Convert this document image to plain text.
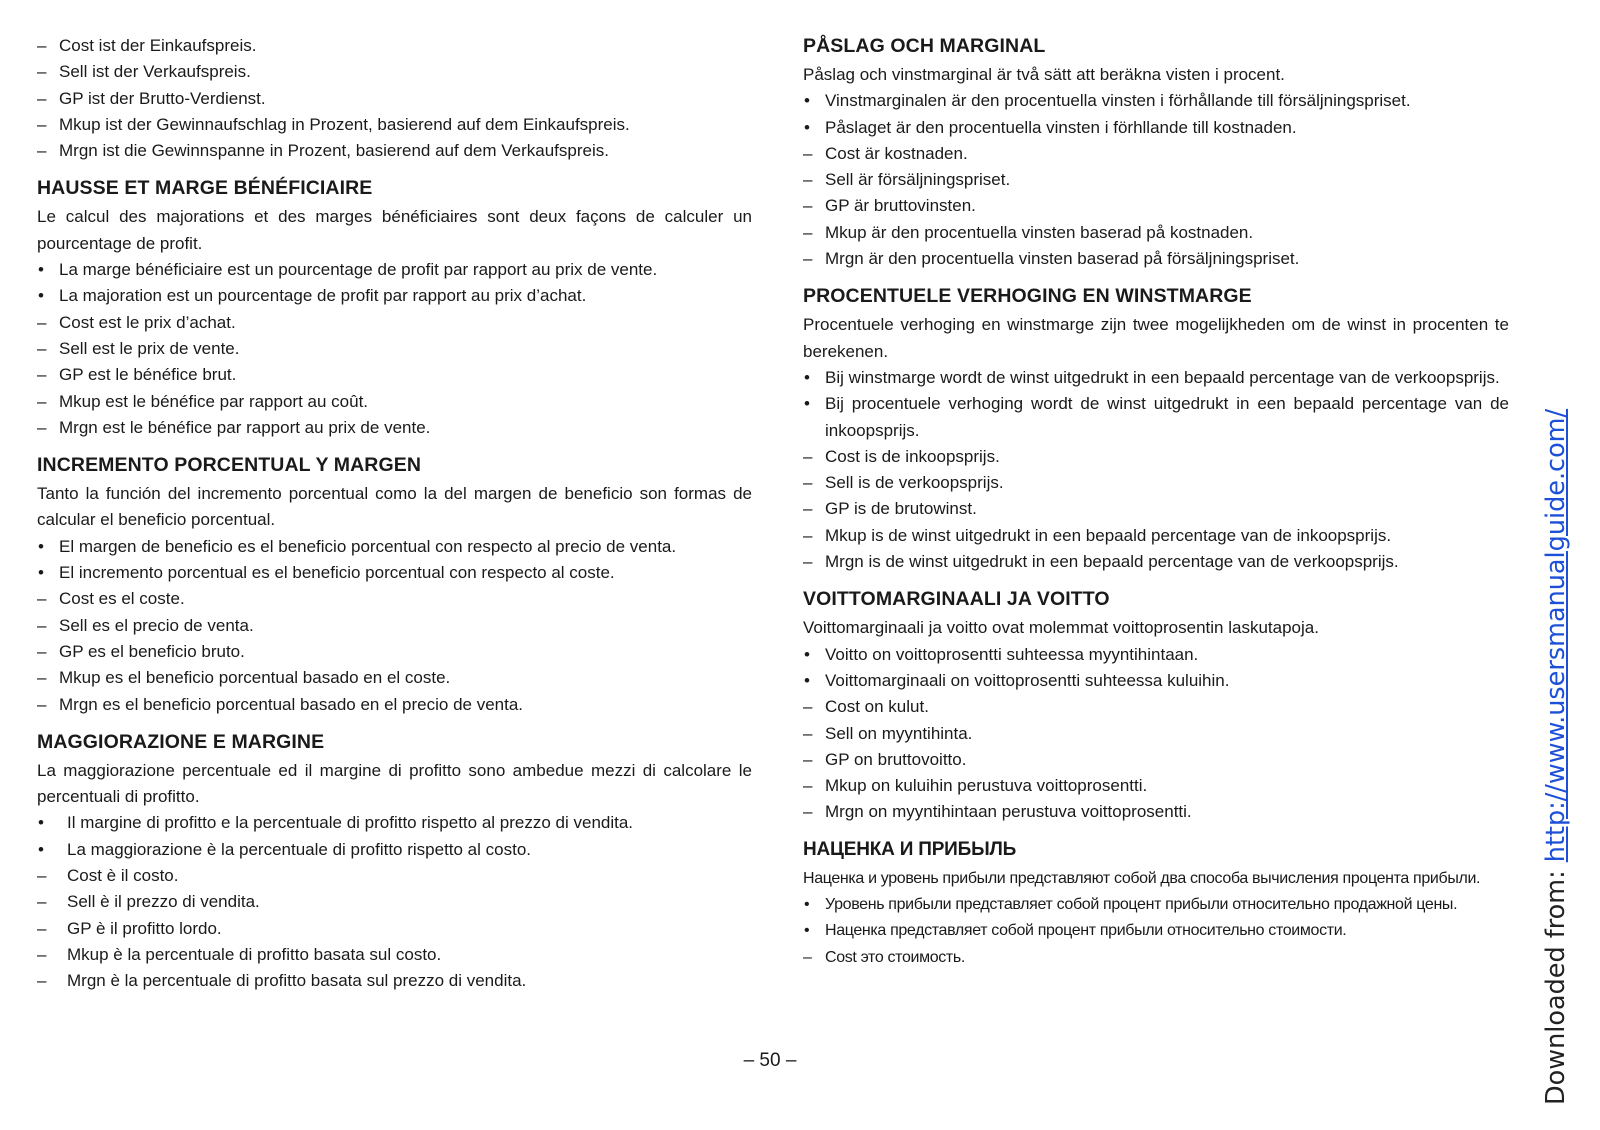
– Cost ist der Einkaufspreis.
– Sell ist der Verkaufspreis.
– GP ist der Brutto-Verdienst.
– Mkup ist der Gewinnaufschlag in Prozent, basierend auf dem Einkaufspreis.
– Mrgn ist die Gewinnspanne in Prozent, basierend auf dem Verkaufspreis.
HAUSSE ET MARGE BÉNÉFICIAIRE
Le calcul des majorations et des marges bénéficiaires sont deux façons de calculer un pourcentage de profit.
• La marge bénéficiaire est un pourcentage de profit par rapport au prix de vente.
• La majoration est un pourcentage de profit par rapport au prix d’achat.
– Cost est le prix d’achat.
– Sell est le prix de vente.
– GP est le bénéfice brut.
– Mkup est le bénéfice par rapport au coût.
– Mrgn est le bénéfice par rapport au prix de vente.
INCREMENTO PORCENTUAL Y MARGEN
Tanto la función del incremento porcentual como la del margen de beneficio son formas de calcular el beneficio porcentual.
• El margen de beneficio es el beneficio porcentual con respecto al precio de venta.
• El incremento porcentual es el beneficio porcentual con respecto al coste.
– Cost es el coste.
– Sell es el precio de venta.
– GP es el beneficio bruto.
– Mkup es el beneficio porcentual basado en el coste.
– Mrgn es el beneficio porcentual basado en el precio de venta.
MAGGIORAZIONE E MARGINE
La maggiorazione percentuale ed il margine di profitto sono ambedue mezzi di calcolare le percentuali di profitto.
•	Il margine di profitto e la percentuale di profitto rispetto al prezzo di vendita.
•	La maggiorazione è la percentuale di profitto rispetto al costo.
–	Cost è il costo.
–	Sell è il prezzo di vendita.
–	GP è il profitto lordo.
–	Mkup è la percentuale di profitto basata sul costo.
–	Mrgn è la percentuale di profitto basata sul prezzo di vendita.
PÅSLAG OCH MARGINAL
Påslag och vinstmarginal är två sätt att beräkna visten i procent.
• Vinstmarginalen är den procentuella vinsten i förhållande till försäljningspriset.
• Påslaget är den procentuella vinsten i förhllande till kostnaden.
– Cost är kostnaden.
– Sell är försäljningspriset.
– GP är bruttovinsten.
– Mkup är den procentuella vinsten baserad på kostnaden.
– Mrgn är den procentuella vinsten baserad på försäljningspriset.
PROCENTUELE VERHOGING EN WINSTMARGE
Procentuele verhoging en winstmarge zijn twee mogelijkheden om de winst in procenten te berekenen.
• Bij winstmarge wordt de winst uitgedrukt in een bepaald percentage van de verkoopsprijs.
• Bij procentuele verhoging wordt de winst uitgedrukt in een bepaald percentage van de inkoopsprijs.
– Cost is de inkoopsprijs.
– Sell is de verkoopsprijs.
– GP is de brutowinst.
– Mkup is de winst uitgedrukt in een bepaald percentage van de inkoopsprijs.
– Mrgn is de winst uitgedrukt in een bepaald percentage van de verkoopsprijs.
VOITTOMARGINAALI JA VOITTO
Voittomarginaali ja voitto ovat molemmat voittoprosentin laskutapoja.
• Voitto on voittoprosentti suhteessa myyntihintaan.
• Voittomarginaali on voittoprosentti suhteessa kuluihin.
– Cost on kulut.
– Sell on myyntihinta.
– GP on bruttovoitto.
– Mkup on kuluihin perustuva voittoprosentti.
– Mrgn on myyntihintaan perustuva voittoprosentti.
НАЦЕНКА И ПРИБЫЛЬ
Наценка и уровень прибыли представляют собой два способа вычисления процента прибыли.
• Уровень прибыли представляет собой процент прибыли относительно продажной цены.
• Наценка представляет собой процент прибыли относительно стоимости.
– Cost это стоимость.
– 50 –	Downloaded from: http://www.usersmanualguide.com/
